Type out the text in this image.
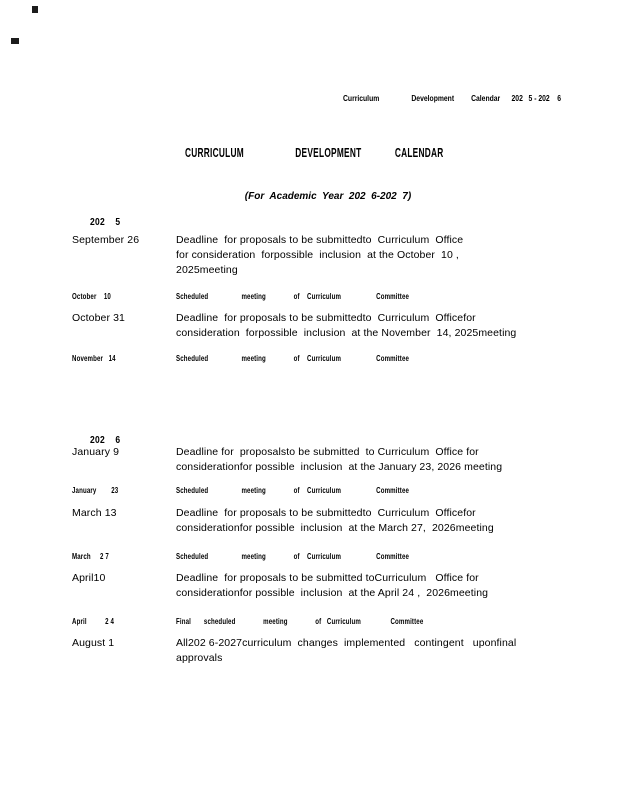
Curriculum                 Development         Calendar      202   5 - 202    6

CURRICULUM                    DEVELOPMENT             CALENDAR

(For  Academic  Year  202  6-202  7)

202    5

September 26	Deadline  for proposals to be submittedto  Curriculum  Office
for consideration  forpossible  inclusion  at the October  10 ,
2025meeting
October    10	Scheduled                  meeting               of    Curriculum                   Committee
October 31	Deadline  for proposals to be submittedto  Curriculum  Officefor
consideration  forpossible  inclusion  at the November  14, 2025meeting
November   14	Scheduled                  meeting               of    Curriculum                   Committee

202    6

January 9	Deadline for  proposalsto be submitted  to Curriculum  Office for
considerationfor possible  inclusion  at the January 23, 2026 meeting
January        23	Scheduled                  meeting               of    Curriculum                   Committee
March 13	Deadline  for proposals to be submittedto  Curriculum  Officefor
considerationfor possible  inclusion  at the March 27,  2026meeting
March     2 7	Scheduled                  meeting               of    Curriculum                   Committee
April10	Deadline  for proposals to be submitted toCurriculum   Office for
considerationfor possible  inclusion  at the April 24 ,  2026meeting
April          2 4	Final       scheduled               meeting               of   Curriculum                Committee
August 1	All202 6-2027curriculum  changes  implemented   contingent   uponfinal
approvals
